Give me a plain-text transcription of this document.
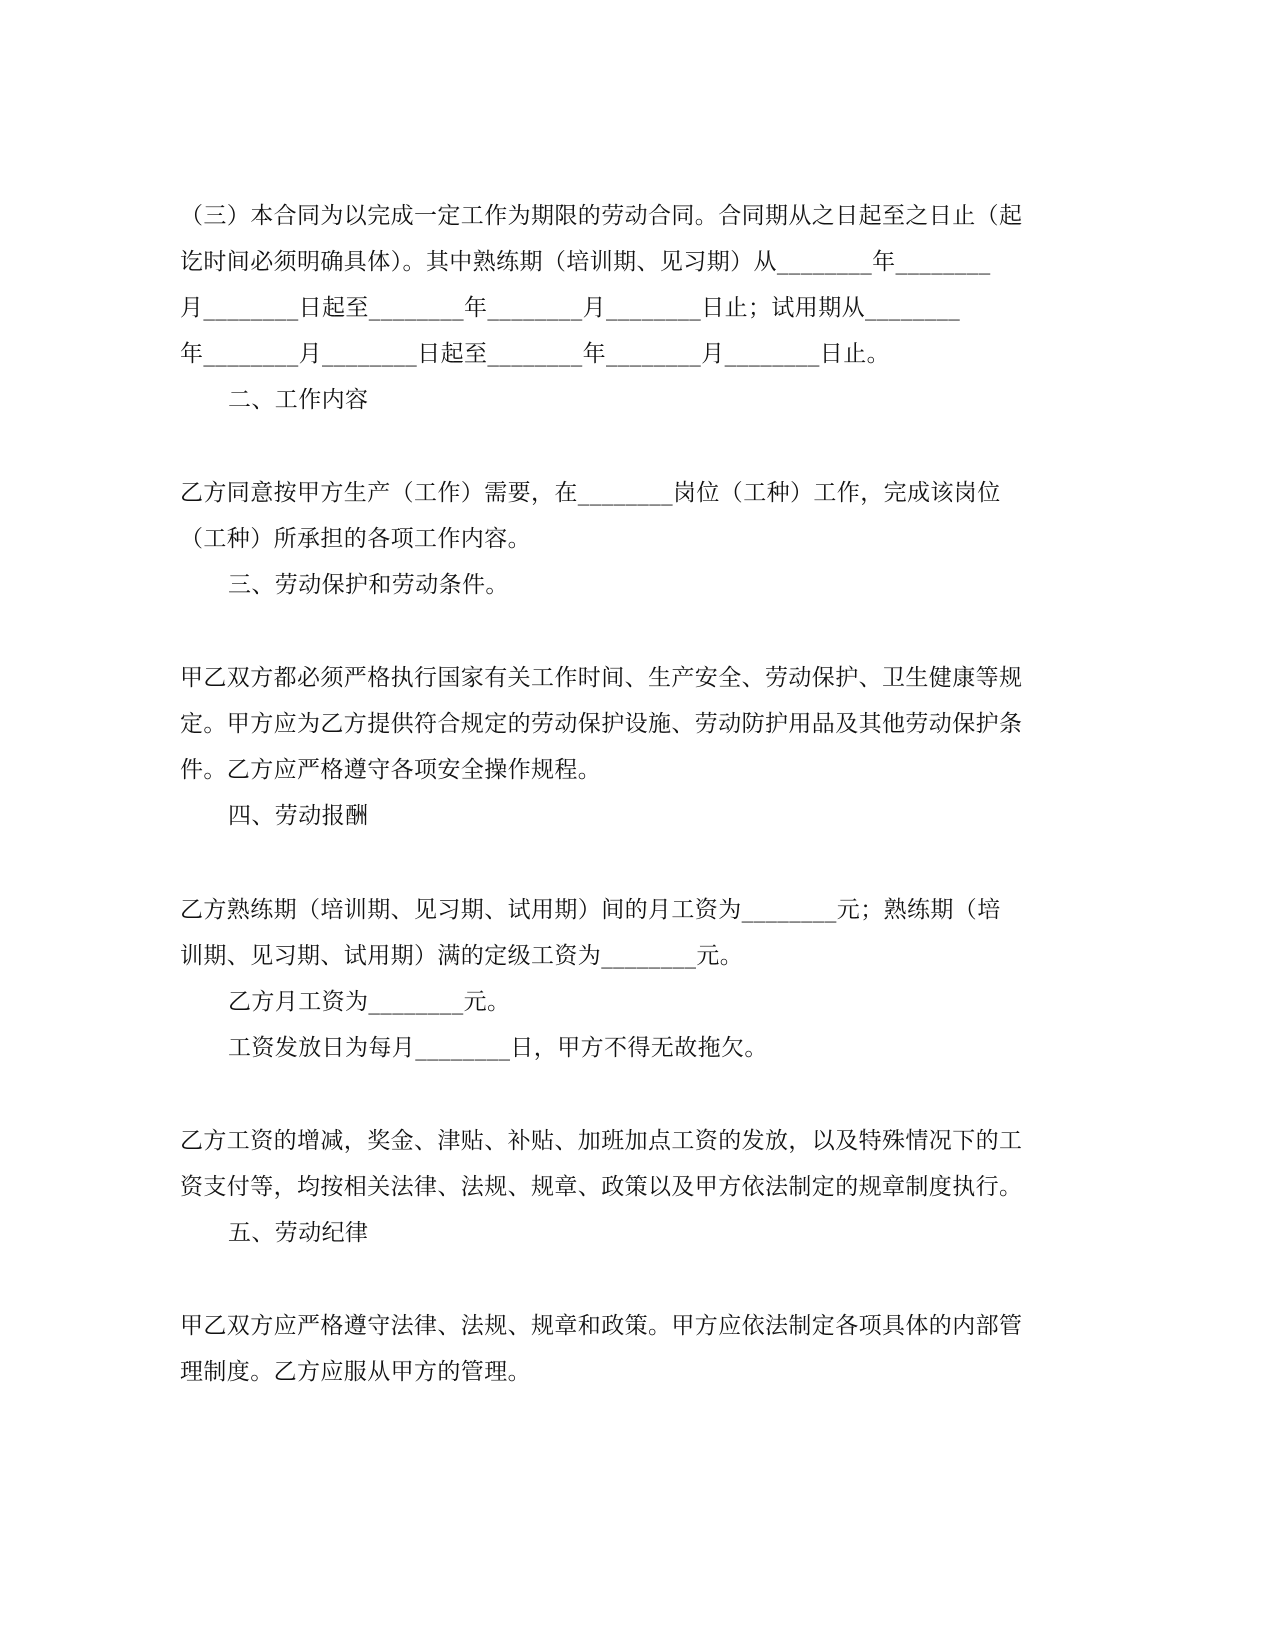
（三）本合同为以完成一定工作为期限的劳动合同。合同期从之日起至之日止（起
讫时间必须明确具体）。其中熟练期（培训期、见习期）从________年________
月________日起至________年________月________日止；试用期从________
年________月________日起至________年________月________日止。
二、工作内容
乙方同意按甲方生产（工作）需要，在________岗位（工种）工作，完成该岗位
（工种）所承担的各项工作内容。
三、劳动保护和劳动条件。
甲乙双方都必须严格执行国家有关工作时间、生产安全、劳动保护、卫生健康等规
定。甲方应为乙方提供符合规定的劳动保护设施、劳动防护用品及其他劳动保护条
件。乙方应严格遵守各项安全操作规程。
四、劳动报酬
乙方熟练期（培训期、见习期、试用期）间的月工资为________元；熟练期（培
训期、见习期、试用期）满的定级工资为________元。
乙方月工资为________元。
工资发放日为每月________日，甲方不得无故拖欠。
乙方工资的增减，奖金、津贴、补贴、加班加点工资的发放，以及特殊情况下的工
资支付等，均按相关法律、法规、规章、政策以及甲方依法制定的规章制度执行。
五、劳动纪律
甲乙双方应严格遵守法律、法规、规章和政策。甲方应依法制定各项具体的内部管
理制度。乙方应服从甲方的管理。
